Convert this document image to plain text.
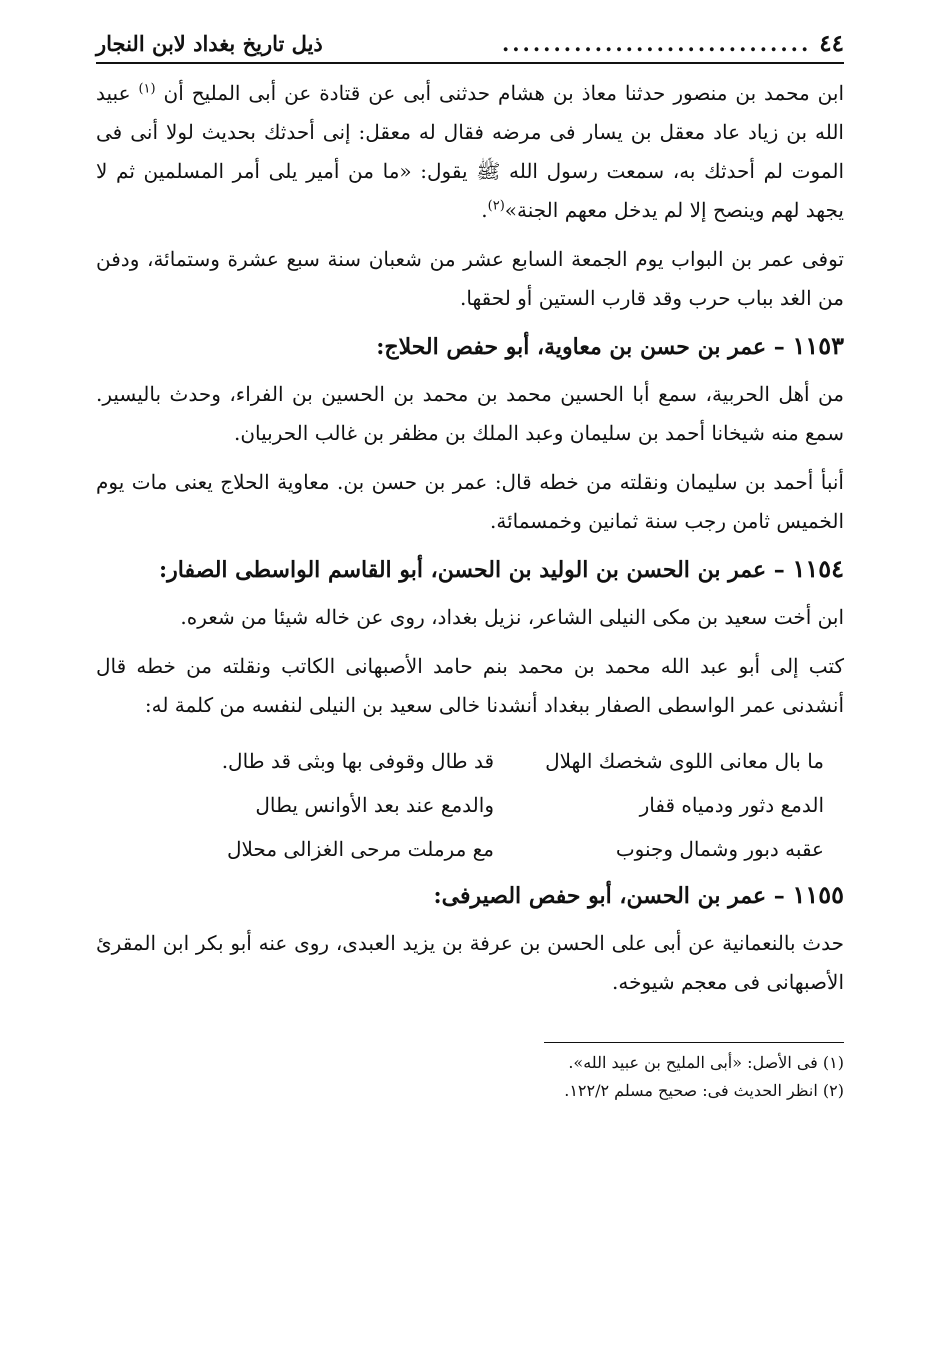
٤٤
..............................
ذيل تاريخ بغداد لابن النجار

ابن محمد بن منصور حدثنا معاذ بن هشام حدثنى أبى عن قتادة عن أبى المليح أن $^{(١)}$ عبيد الله بن زياد عاد معقل بن يسار فى مرضه فقال له معقل: إنى أحدثك بحديث لولا أنى فى الموت لم أحدثك به، سمعت رسول الله ﷺ يقول: «ما من أمير يلى أمر المسلمين ثم لا يجهد لهم وينصح إلا لم يدخل معهم الجنة»$^{(٢)}$.

توفى عمر بن البواب يوم الجمعة السابع عشر من شعبان سنة سبع عشرة وستمائة، ودفن من الغد بباب حرب وقد قارب الستين أو لحقها.

١١٥٣ – عمر بن حسن بن معاوية، أبو حفص الحلاج:

من أهل الحربية، سمع أبا الحسين محمد بن محمد بن الحسين بن الفراء، وحدث باليسير. سمع منه شيخانا أحمد بن سليمان وعبد الملك بن مظفر بن غالب الحربيان.

أنبأ أحمد بن سليمان ونقلته من خطه قال: عمر بن حسن بن. معاوية الحلاج يعنى مات يوم الخميس ثامن رجب سنة ثمانين وخمسمائة.

١١٥٤ – عمر بن الحسن بن الوليد بن الحسن، أبو القاسم الواسطى الصفار:

ابن أخت سعيد بن مكى النيلى الشاعر، نزيل بغداد، روى عن خاله شيئا من شعره.

كتب إلى أبو عبد الله محمد بن محمد بنم حامد الأصبهانى الكاتب ونقلته من خطه قال أنشدنى عمر الواسطى الصفار ببغداد أنشدنا خالى سعيد بن النيلى لنفسه من كلمة له:

ما بال معانى اللوى شخصك الهلال
قد طال وقوفى بها وبثى قد طال.
الدمع دثور ودمياه قفار
والدمع عند بعد الأوانس يطال
عقبه دبور وشمال وجنوب
مع مرملت مرحى الغزالى محلال
١١٥٥ – عمر بن الحسن، أبو حفص الصيرفى:

حدث بالنعمانية عن أبى على الحسن بن عرفة بن يزيد العبدى، روى عنه أبو بكر ابن المقرئ الأصبهانى فى معجم شيوخه.

(١) فى الأصل: «أبى المليح بن عبيد الله».

(٢) انظر الحديث فى: صحيح مسلم ١٢٢/٢.
